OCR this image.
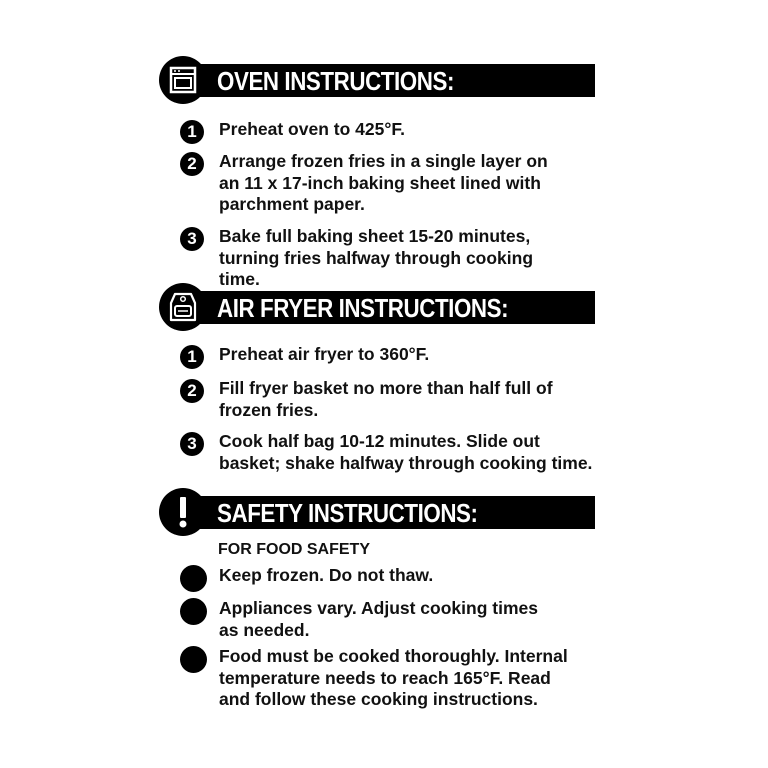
OVEN INSTRUCTIONS:
1	Preheat oven to 425°F.
2	Arrange frozen fries in a single layer on an 11 x 17-inch baking sheet lined with parchment paper.
3	Bake full baking sheet 15-20 minutes, turning fries halfway through cooking time.
AIR FRYER INSTRUCTIONS:
1	Preheat air fryer to 360°F.
2	Fill fryer basket no more than half full of frozen fries.
3	Cook half bag 10-12 minutes. Slide out basket; shake halfway through cooking time.
SAFETY INSTRUCTIONS:
FOR FOOD SAFETY
Keep frozen. Do not thaw.
Appliances vary. Adjust cooking times as needed.
Food must be cooked thoroughly. Internal temperature needs to reach 165°F. Read and follow these cooking instructions.
